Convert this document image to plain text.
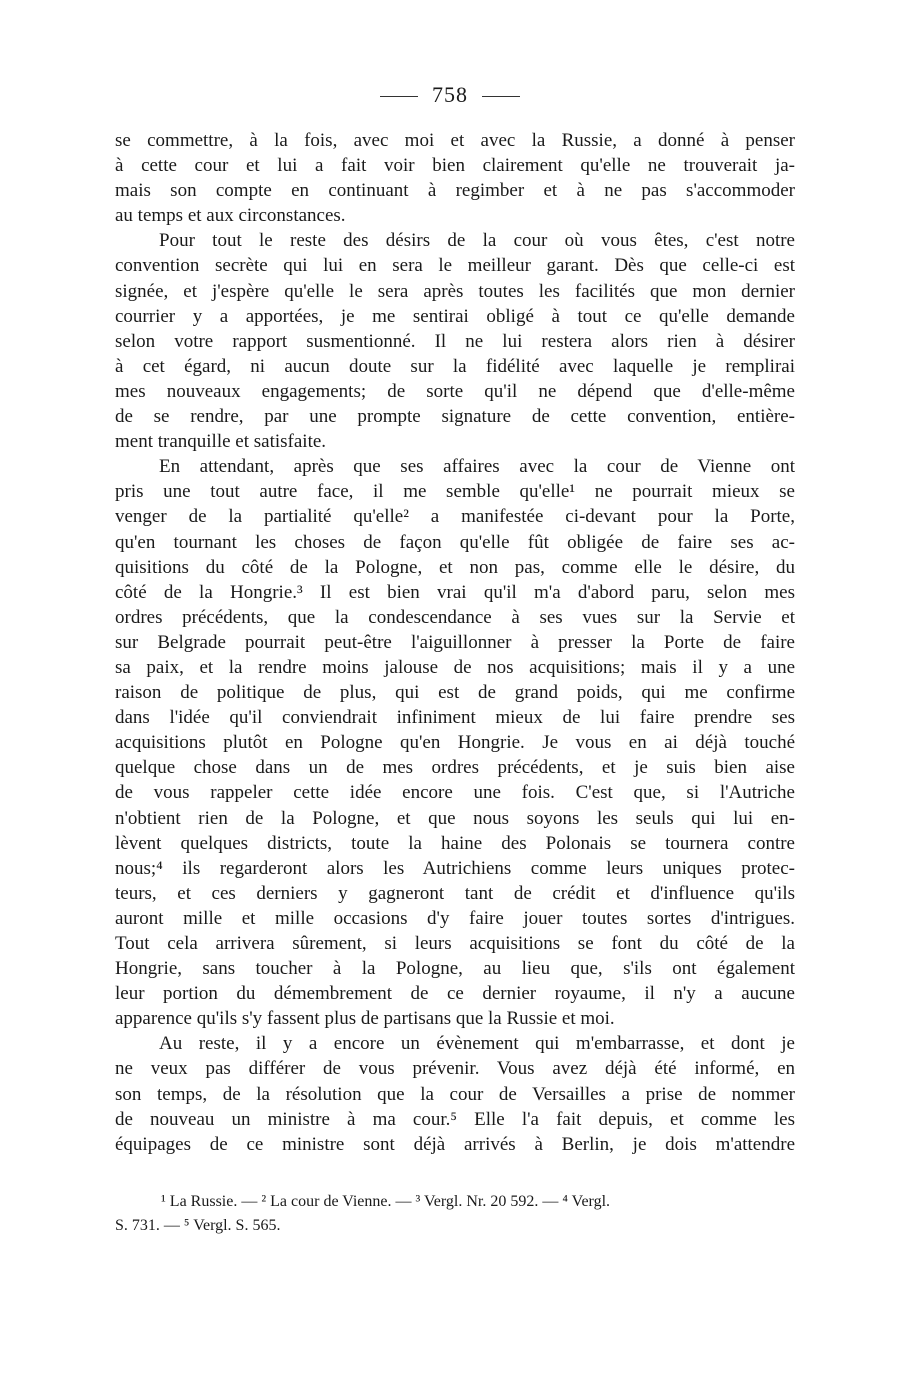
758
se commettre, à la fois, avec moi et avec la Russie, a donné à penser
à cette cour et lui a fait voir bien clairement qu'elle ne trouverait ja-
mais son compte en continuant à regimber et à ne pas s'accommoder
au temps et aux circonstances.
Pour tout le reste des désirs de la cour où vous êtes, c'est notre
convention secrète qui lui en sera le meilleur garant. Dès que celle-ci est
signée, et j'espère qu'elle le sera après toutes les facilités que mon dernier
courrier y a apportées, je me sentirai obligé à tout ce qu'elle demande
selon votre rapport susmentionné. Il ne lui restera alors rien à désirer
à cet égard, ni aucun doute sur la fidélité avec laquelle je remplirai
mes nouveaux engagements; de sorte qu'il ne dépend que d'elle-même
de se rendre, par une prompte signature de cette convention, entière-
ment tranquille et satisfaite.
En attendant, après que ses affaires avec la cour de Vienne ont
pris une tout autre face, il me semble qu'elle¹ ne pourrait mieux se
venger de la partialité qu'elle² a manifestée ci-devant pour la Porte,
qu'en tournant les choses de façon qu'elle fût obligée de faire ses ac-
quisitions du côté de la Pologne, et non pas, comme elle le désire, du
côté de la Hongrie.³ Il est bien vrai qu'il m'a d'abord paru, selon mes
ordres précédents, que la condescendance à ses vues sur la Servie et
sur Belgrade pourrait peut-être l'aiguillonner à presser la Porte de faire
sa paix, et la rendre moins jalouse de nos acquisitions; mais il y a une
raison de politique de plus, qui est de grand poids, qui me confirme
dans l'idée qu'il conviendrait infiniment mieux de lui faire prendre ses
acquisitions plutôt en Pologne qu'en Hongrie. Je vous en ai déjà touché
quelque chose dans un de mes ordres précédents, et je suis bien aise
de vous rappeler cette idée encore une fois. C'est que, si l'Autriche
n'obtient rien de la Pologne, et que nous soyons les seuls qui lui en-
lèvent quelques districts, toute la haine des Polonais se tournera contre
nous;⁴ ils regarderont alors les Autrichiens comme leurs uniques protec-
teurs, et ces derniers y gagneront tant de crédit et d'influence qu'ils
auront mille et mille occasions d'y faire jouer toutes sortes d'intrigues.
Tout cela arrivera sûrement, si leurs acquisitions se font du côté de la
Hongrie, sans toucher à la Pologne, au lieu que, s'ils ont également
leur portion du démembrement de ce dernier royaume, il n'y a aucune
apparence qu'ils s'y fassent plus de partisans que la Russie et moi.
Au reste, il y a encore un évènement qui m'embarrasse, et dont je
ne veux pas différer de vous prévenir. Vous avez déjà été informé, en
son temps, de la résolution que la cour de Versailles a prise de nommer
de nouveau un ministre à ma cour.⁵ Elle l'a fait depuis, et comme les
équipages de ce ministre sont déjà arrivés à Berlin, je dois m'attendre
¹ La Russie. — ² La cour de Vienne. — ³ Vergl. Nr. 20 592. — ⁴ Vergl.
S. 731. — ⁵ Vergl. S. 565.
